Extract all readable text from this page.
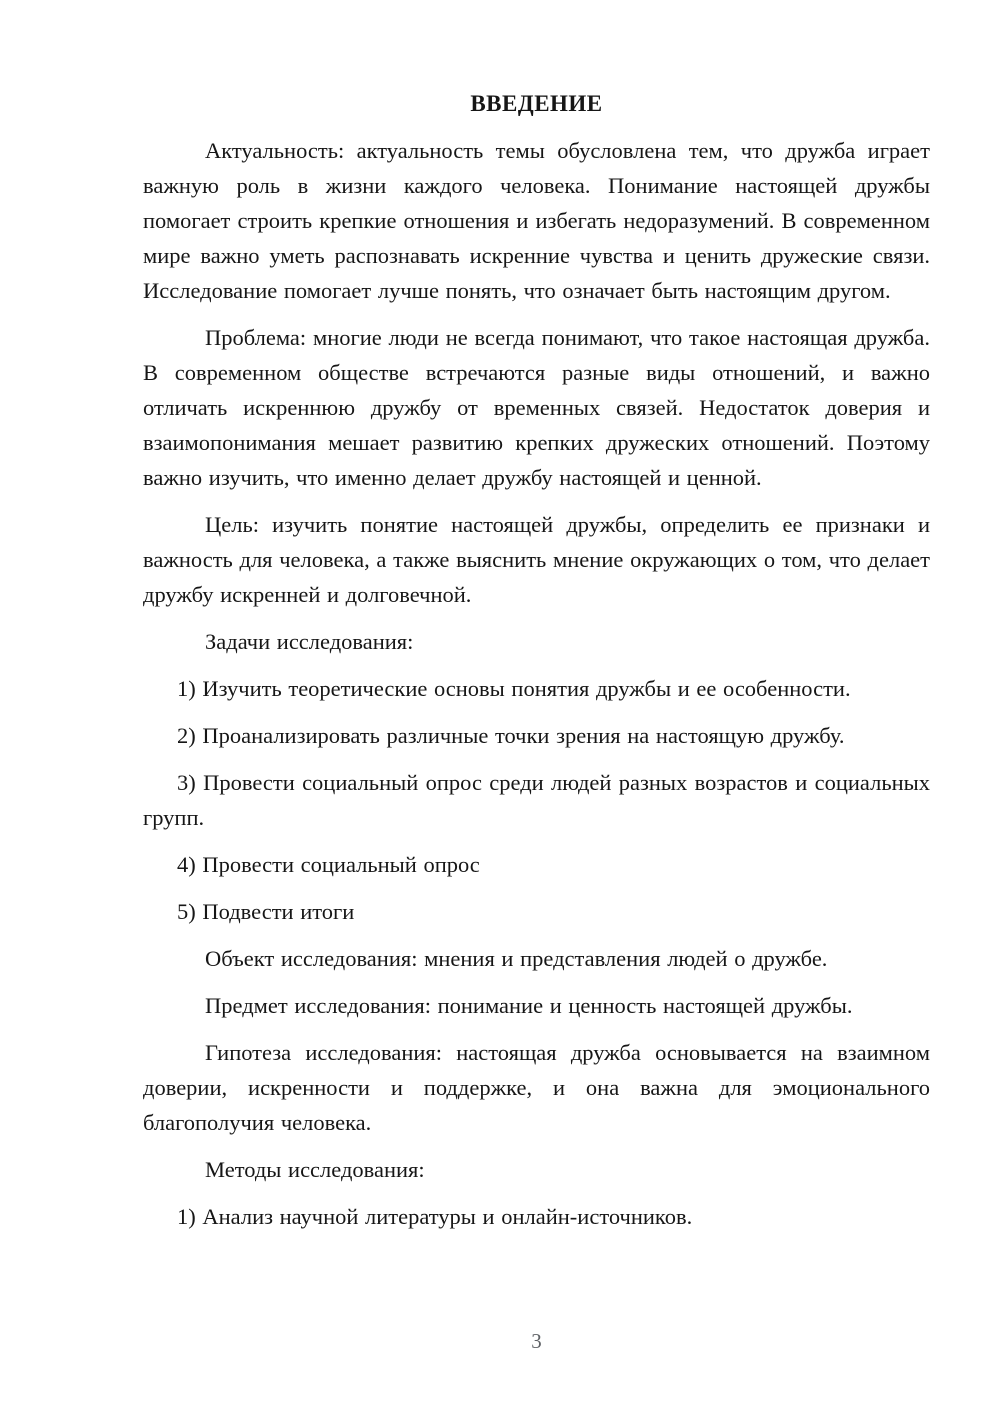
ВВЕДЕНИЕ

Актуальность: актуальность темы обусловлена тем, что дружба играет важную роль в жизни каждого человека. Понимание настоящей дружбы помогает строить крепкие отношения и избегать недоразумений. В современном мире важно уметь распознавать искренние чувства и ценить дружеские связи. Исследование помогает лучше понять, что означает быть настоящим другом.

Проблема: многие люди не всегда понимают, что такое настоящая дружба. В современном обществе встречаются разные виды отношений, и важно отличать искреннюю дружбу от временных связей. Недостаток доверия и взаимопонимания мешает развитию крепких дружеских отношений. Поэтому важно изучить, что именно делает дружбу настоящей и ценной.

Цель: изучить понятие настоящей дружбы, определить ее признаки и важность для человека, а также выяснить мнение окружающих о том, что делает дружбу искренней и долговечной.

Задачи исследования:

1) Изучить теоретические основы понятия дружбы и ее особенности.

2) Проанализировать различные точки зрения на настоящую дружбу.

3) Провести социальный опрос среди людей разных возрастов и социальных групп.

4) Провести социальный опрос

5) Подвести итоги

Объект исследования: мнения и представления людей о дружбе.

Предмет исследования: понимание и ценность настоящей дружбы.

Гипотеза исследования: настоящая дружба основывается на взаимном доверии, искренности и поддержке, и она важна для эмоционального благополучия человека.

Методы исследования:

1) Анализ научной литературы и онлайн-источников.

3
